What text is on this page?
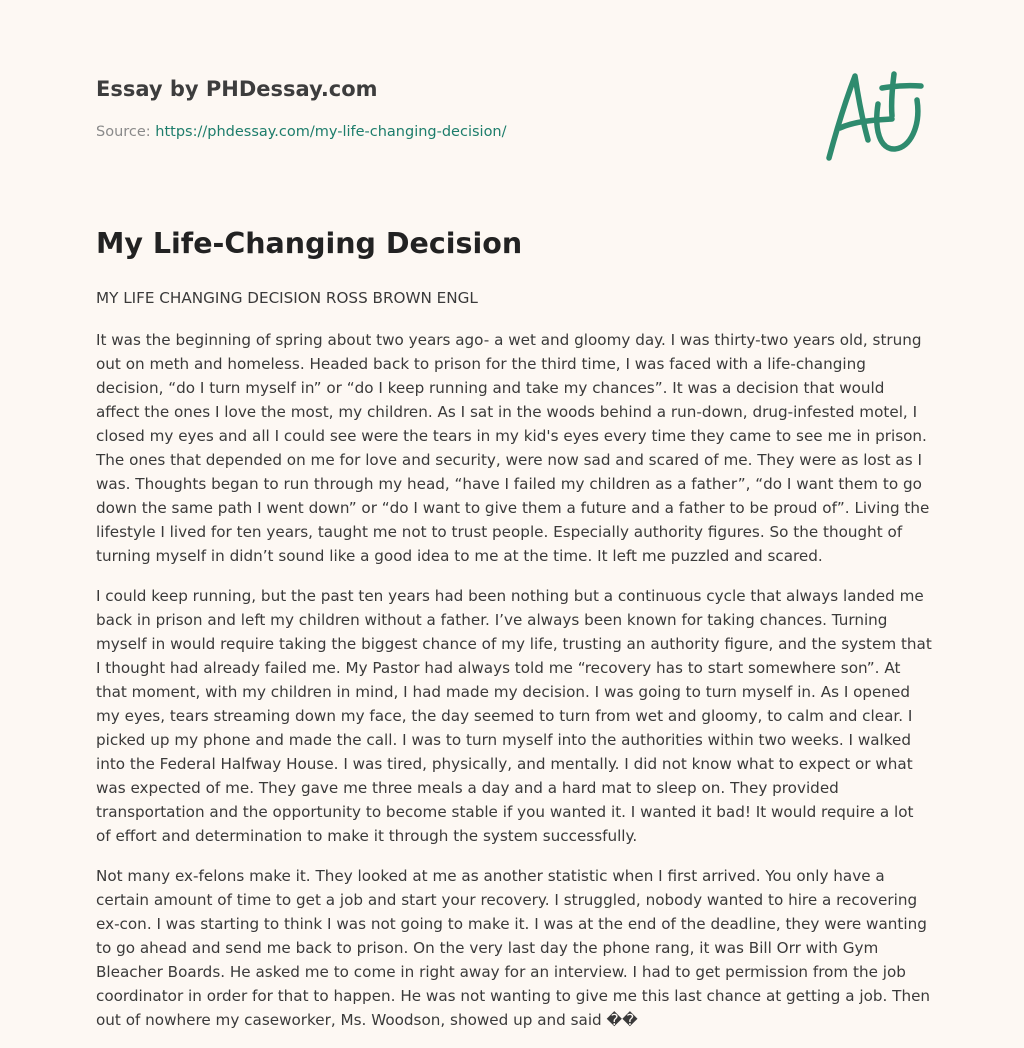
Essay by PHDessay.com
Source: https://phdessay.com/my-life-changing-decision/
My Life-Changing Decision

MY LIFE CHANGING DECISION ROSS BROWN ENGL

It was the beginning of spring about two years ago- a wet and gloomy day. I was thirty-two years old, strung out on meth and homeless. Headed back to prison for the third time, I was faced with a life-changing decision, “do I turn myself in” or “do I keep running and take my chances”. It was a decision that would affect the ones I love the most, my children. As I sat in the woods behind a run-down, drug-infested motel, I closed my eyes and all I could see were the tears in my kid's eyes every time they came to see me in prison. The ones that depended on me for love and security, were now sad and scared of me. They were as lost as I was. Thoughts began to run through my head, “have I failed my children as a father”, “do I want them to go down the same path I went down” or “do I want to give them a future and a father to be proud of”. Living the lifestyle I lived for ten years, taught me not to trust people. Especially authority figures. So the thought of turning myself in didn’t sound like a good idea to me at the time. It left me puzzled and scared.

I could keep running, but the past ten years had been nothing but a continuous cycle that always landed me back in prison and left my children without a father. I’ve always been known for taking chances. Turning myself in would require taking the biggest chance of my life, trusting an authority figure, and the system that I thought had already failed me. My Pastor had always told me “recovery has to start somewhere son”. At that moment, with my children in mind, I had made my decision. I was going to turn myself in. As I opened my eyes, tears streaming down my face, the day seemed to turn from wet and gloomy, to calm and clear. I picked up my phone and made the call. I was to turn myself into the authorities within two weeks. I walked into the Federal Halfway House. I was tired, physically, and mentally. I did not know what to expect or what was expected of me. They gave me three meals a day and a hard mat to sleep on. They provided transportation and the opportunity to become stable if you wanted it. I wanted it bad! It would require a lot of effort and determination to make it through the system successfully.

Not many ex-felons make it. They looked at me as another statistic when I first arrived. You only have a certain amount of time to get a job and start your recovery. I struggled, nobody wanted to hire a recovering ex-con. I was starting to think I was not going to make it. I was at the end of the deadline, they were wanting to go ahead and send me back to prison. On the very last day the phone rang, it was Bill Orr with Gym Bleacher Boards. He asked me to come in right away for an interview. I had to get permission from the job coordinator in order for that to happen. He was not wanting to give me this last chance at getting a job. Then out of nowhere my caseworker, Ms. Woodson, showed up and said ��
